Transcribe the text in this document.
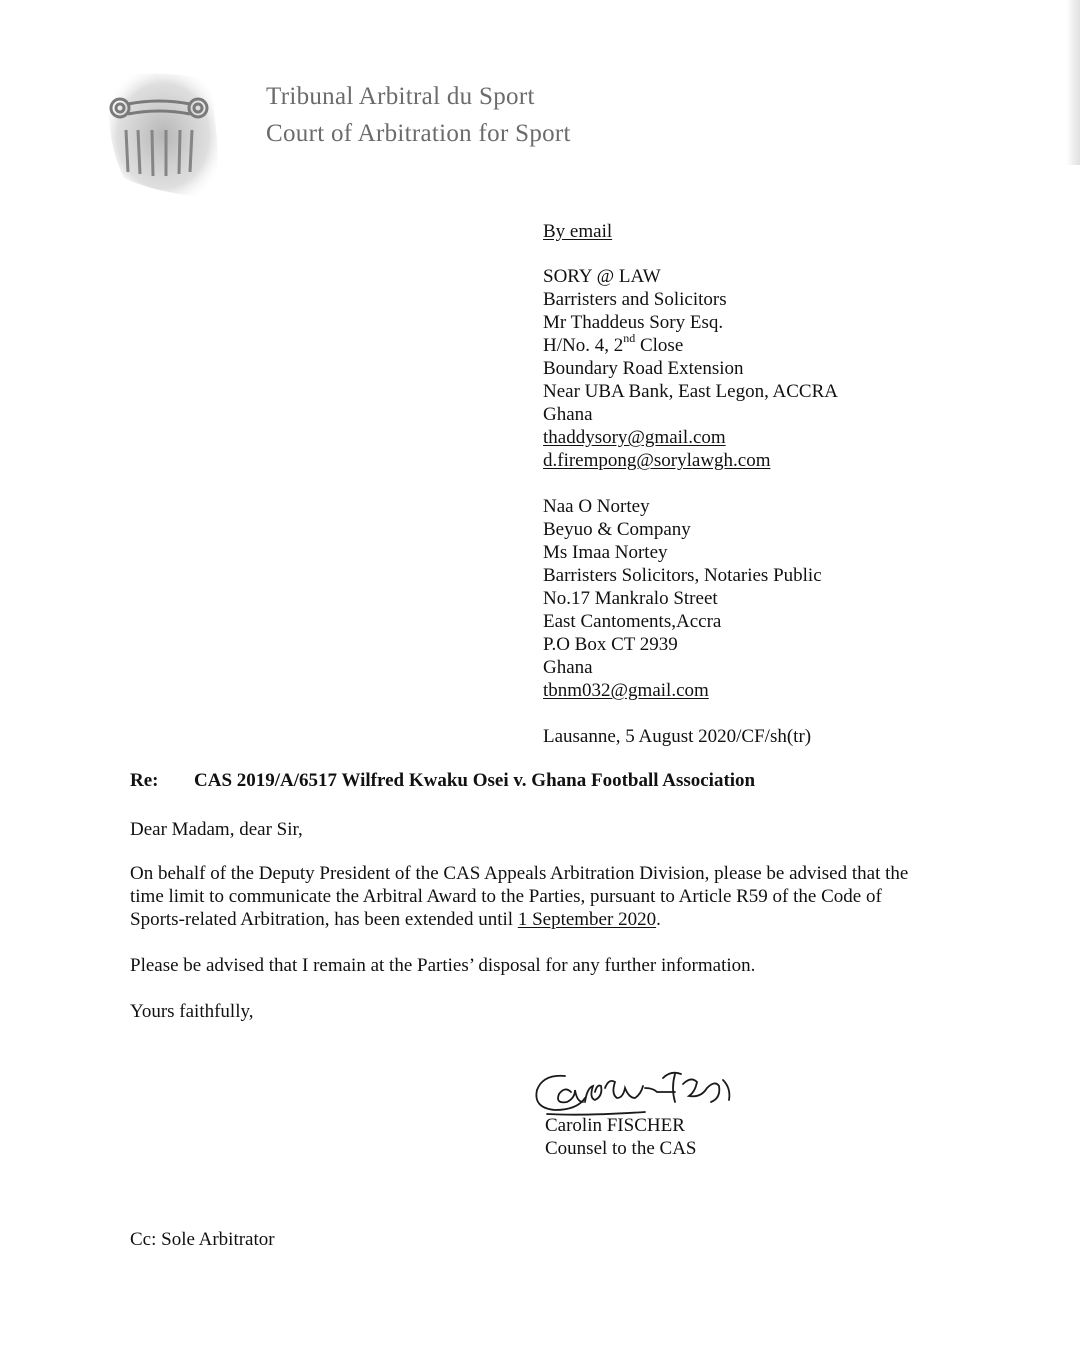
Tribunal Arbitral du Sport
Court of Arbitration for Sport
By email
SORY @ LAW
Barristers and Solicitors
Mr Thaddeus Sory Esq.
H/No. 4, 2nd Close
Boundary Road Extension
Near UBA Bank, East Legon, ACCRA
Ghana
thaddysory@gmail.com
d.firempong@sorylawgh.com
Naa O Nortey
Beyuo & Company
Ms Imaa Nortey
Barristers Solicitors, Notaries Public
No.17 Mankralo Street
East Cantoments,Accra
P.O Box CT 2939
Ghana
tbnm032@gmail.com
Lausanne, 5 August 2020/CF/sh(tr)
Re: CAS 2019/A/6517 Wilfred Kwaku Osei v. Ghana Football Association
Dear Madam, dear Sir,
On behalf of the Deputy President of the CAS Appeals Arbitration Division, please be advised that the
time limit to communicate the Arbitral Award to the Parties, pursuant to Article R59 of the Code of
Sports-related Arbitration, has been extended until 1 September 2020.
Please be advised that I remain at the Parties’ disposal for any further information.
Yours faithfully,
Carolin FISCHER
Counsel to the CAS
Cc: Sole Arbitrator
